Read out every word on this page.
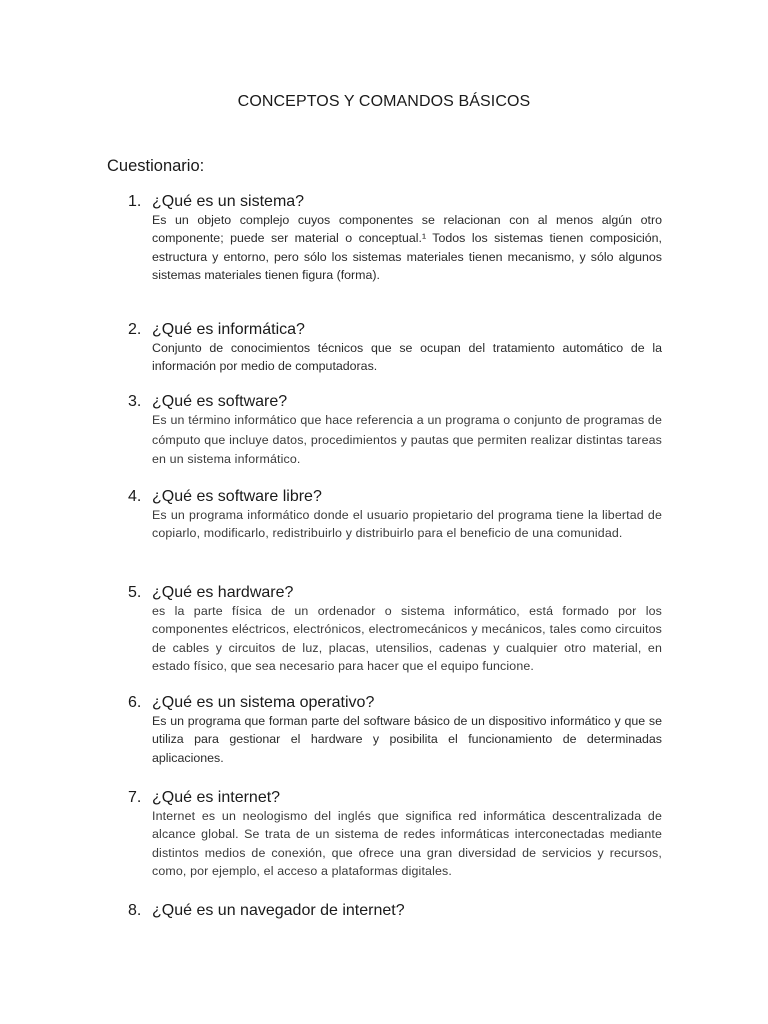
CONCEPTOS Y COMANDOS BÁSICOS
Cuestionario:
1. ¿Qué es un sistema?
Es un objeto complejo cuyos componentes se relacionan con al menos algún otro componente; puede ser material o conceptual.¹ Todos los sistemas tienen composición, estructura y entorno, pero sólo los sistemas materiales tienen mecanismo, y sólo algunos sistemas materiales tienen figura (forma).
2. ¿Qué es informática?
Conjunto de conocimientos técnicos que se ocupan del tratamiento automático de la información por medio de computadoras.
3. ¿Qué es software?
Es un término informático que hace referencia a un programa o conjunto de programas de cómputo que incluye datos, procedimientos y pautas que permiten realizar distintas tareas en un sistema informático.
4. ¿Qué es software libre?
Es un programa informático donde el usuario propietario del programa tiene la libertad de copiarlo, modificarlo, redistribuirlo y distribuirlo para el beneficio de una comunidad.
5. ¿Qué es hardware?
es la parte física de un ordenador o sistema informático, está formado por los componentes eléctricos, electrónicos, electromecánicos y mecánicos, tales como circuitos de cables y circuitos de luz, placas, utensilios, cadenas y cualquier otro material, en estado físico, que sea necesario para hacer que el equipo funcione.
6. ¿Qué es un sistema operativo?
Es un programa que forman parte del software básico de un dispositivo informático y que se utiliza para gestionar el hardware y posibilita el funcionamiento de determinadas aplicaciones.
7. ¿Qué es internet?
Internet es un neologismo del inglés que significa red informática descentralizada de alcance global. Se trata de un sistema de redes informáticas interconectadas mediante distintos medios de conexión, que ofrece una gran diversidad de servicios y recursos, como, por ejemplo, el acceso a plataformas digitales.
8. ¿Qué es un navegador de internet?
